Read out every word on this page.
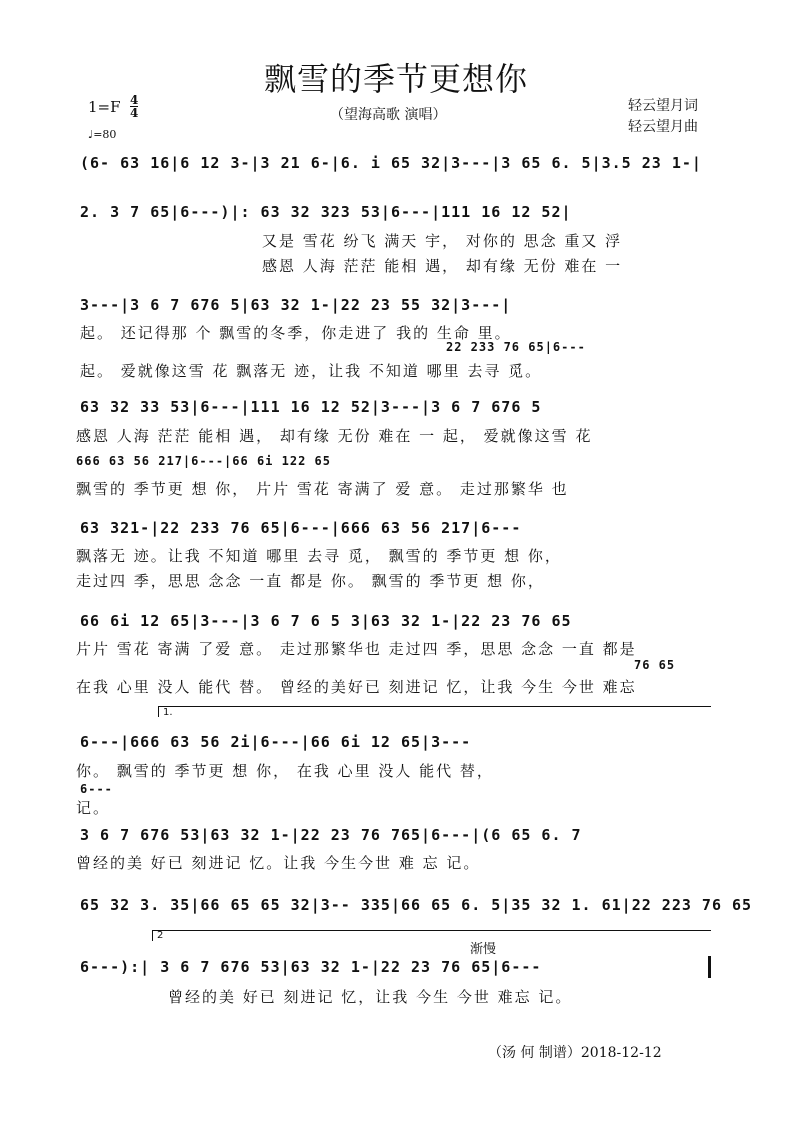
飘雪的季节更想你
（望海高歌 演唱）
轻云望月词
轻云望月曲
1=F 4
4
♩=80
(6- 63 16|6 12 3-|3 21 6-|6. i 65 32|3---|3 65 6. 5|3.5 23 1-|
2. 3 7 65|6---)|: 63 32 323 53|6---|111 16 12 52|
又是 雪花 纷飞 满天 宇， 对你的 思念 重又 浮
感恩 人海 茫茫 能相 遇， 却有缘 无份 难在 一
3---|3 6 7 676 5|63 32 1-|22 23 55 32|3---|
起。 还记得那 个 飘雪的冬季，你走进了 我的 生命 里。
22 233 76 65|6---
起。 爱就像这雪 花 飘落无 迹，让我 不知道 哪里 去寻 觅。
63 32 33 53|6---|111 16 12 52|3---|3 6 7 676 5
感恩 人海 茫茫 能相 遇， 却有缘 无份 难在 一 起， 爱就像这雪 花
666 63 56 217|6---|66 6i 122 65
飘雪的 季节更 想 你， 片片 雪花 寄满了 爱 意。 走过那繁华 也
63 321-|22 233 76 65|6---|666 63 56 217|6---
飘落无 迹。让我 不知道 哪里 去寻 觅， 飘雪的 季节更 想 你，
走过四 季，思思 念念 一直 都是 你。 飘雪的 季节更 想 你，
66 6i 12 65|3---|3 6 7 6 5 3|63 32 1-|22 23 76 65
片片 雪花 寄满 了爱 意。 走过那繁华也 走过四 季，思思 念念 一直 都是
76 65
在我 心里 没人 能代 替。 曾经的美好已 刻进记 忆，让我 今生 今世 难忘
1.
6---|666 63 56 2i|6---|66 6i 12 65|3---
你。 飘雪的 季节更 想 你， 在我 心里 没人 能代 替，
6---
记。
3 6 7 676 53|63 32 1-|22 23 76 765|6---|(6 65 6. 7
曾经的美 好已 刻进记 忆。让我 今生今世 难 忘 记。
65 32 3. 35|66 65 65 32|3-- 335|66 65 6. 5|35 32 1. 61|22 223 76 65
2
渐慢
6---):| 3 6 7 676 53|63 32 1-|22 23 76 65|6---
曾经的美 好已 刻进记 忆，让我 今生 今世 难忘 记。
（汤 何 制谱）2018-12-12
